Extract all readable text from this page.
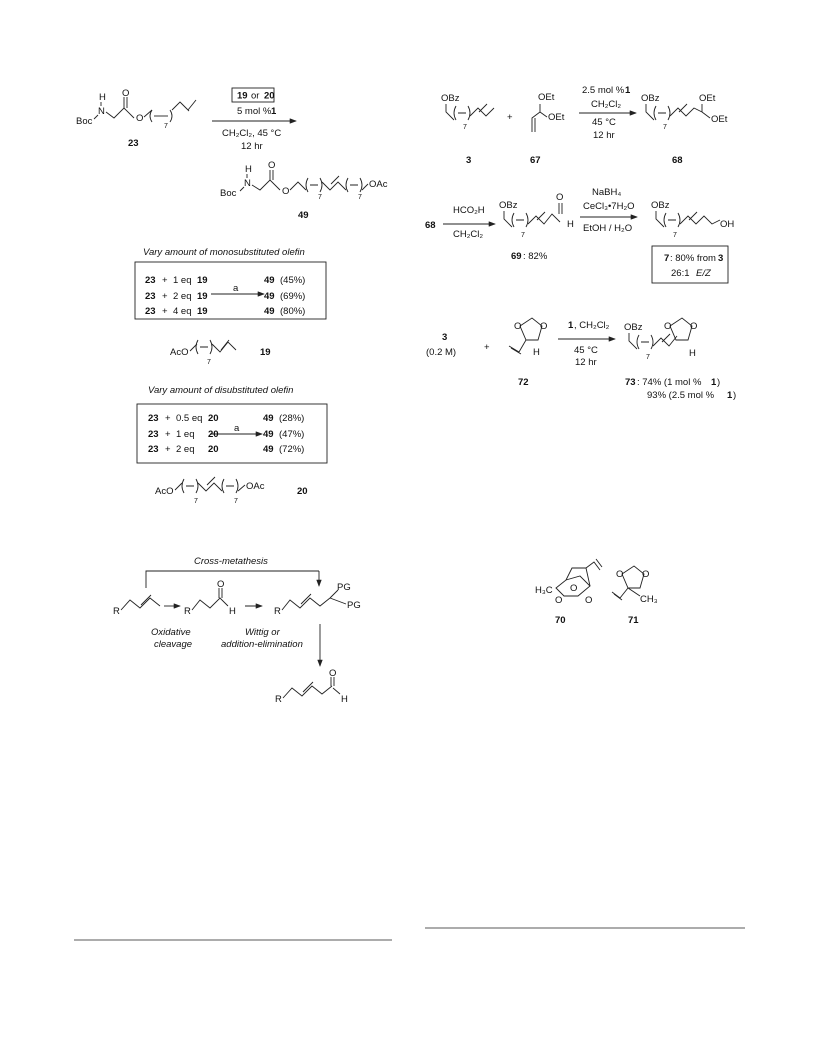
Boc
N
H O
O
7
23
19 or 20
5 mol % 1
CH₂Cl₂, 45 °C
12 hr
Boc
N
H O
O
7	7
OAc
49
Vary amount of monosubstituted olefin
a
23 + 1 eq 19	49 (45%)
23 + 2 eq 19	49 (69%)
23 + 4 eq 19	49 (80%)
AcO
7
19
Vary amount of disubstituted olefin
a
23 + 0.5 eq 20	49 (28%)
23 + 1 eq 20	49 (47%)
23 + 2 eq 20	49 (72%)
AcO
7	7
OAc	20
Cross-metathesis
R	R
O
H	R
PG
PG
Oxidative
cleavage
Wittig or
addition-elimination
R
O
H
OBz
7
3
+
OEt
OEt
67
2.5 mol % 1
CH₂Cl₂
45 °C
12 hr
OBz
7
OEt
OEt
68
68
HCO₂H
CH₂Cl₂
OBz
7
O
H
69 : 82%
NaBH₄
CeCl₃•7H₂O
EtOH / H₂O
OBz
7
OH
7 : 80% from 3
26:1 E/Z
3
(0.2 M)	+
O O
H
72
1 , CH₂Cl₂
45 °C
12 hr
OBz
7
O O
H
73 : 74% (1 mol % 1 )
93% (2.5 mol % 1 )
H₃C O
O O
70
O O
CH₃
71
